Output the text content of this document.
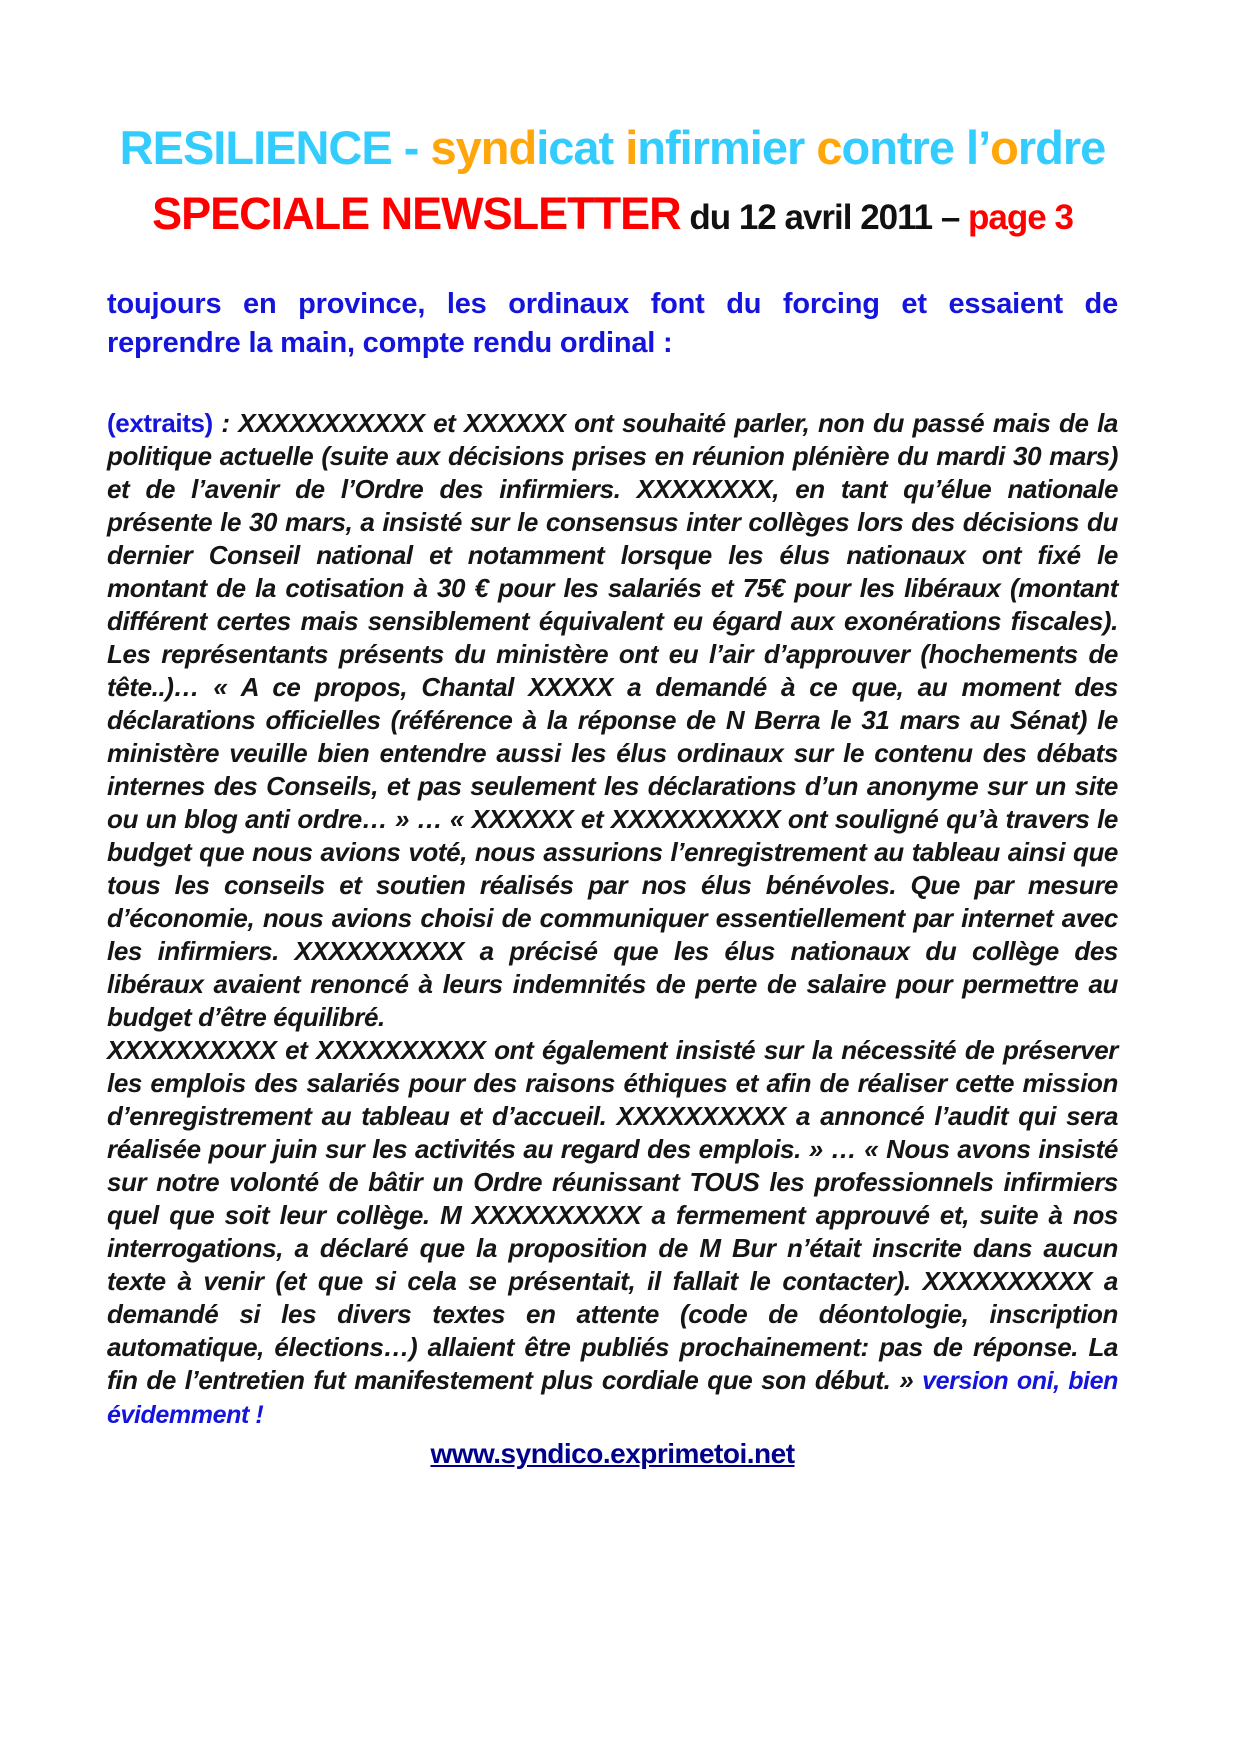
RESILIENCE - syndicat infirmier contre l’ordre
SPECIALE NEWSLETTER du 12 avril 2011 – page 3

toujours en province, les ordinaux font du forcing et essaient de reprendre la main, compte rendu ordinal :

(extraits) : XXXXXXXXXXX et XXXXXX ont souhaité parler, non du passé mais de la politique actuelle (suite aux décisions prises en réunion plénière du mardi 30 mars) et de l’avenir de l’Ordre des infirmiers. XXXXXXXX, en tant qu’élue nationale présente le 30 mars, a insisté sur le consensus inter collèges lors des décisions du dernier Conseil national et notamment lorsque les élus nationaux ont fixé le montant de la cotisation à 30 € pour les salariés et 75€ pour les libéraux (montant différent certes mais sensiblement équivalent eu égard aux exonérations fiscales). Les représentants présents du ministère ont eu l’air d’approuver (hochements de tête..)… « A ce propos, Chantal XXXXX a demandé à ce que, au moment des déclarations officielles (référence à la réponse de N Berra le 31 mars au Sénat) le ministère veuille bien entendre aussi les élus ordinaux sur le contenu des débats internes des Conseils, et pas seulement les déclarations d’un anonyme sur un site ou un blog anti ordre… » … « XXXXXX et XXXXXXXXXX ont souligné qu’à travers le budget que nous avions voté, nous assurions l’enregistrement au tableau ainsi que tous les conseils et soutien réalisés par nos élus bénévoles. Que par mesure d’économie, nous avions choisi de communiquer essentiellement par internet avec les infirmiers. XXXXXXXXXX a précisé que les élus nationaux du collège des libéraux avaient renoncé à leurs indemnités de perte de salaire pour permettre au budget d’être équilibré.

XXXXXXXXXX et XXXXXXXXXX ont également insisté sur la nécessité de préserver les emplois des salariés pour des raisons éthiques et afin de réaliser cette mission d’enregistrement au tableau et d’accueil. XXXXXXXXXX a annoncé l’audit qui sera réalisée pour juin sur les activités au regard des emplois. » … « Nous avons insisté sur notre volonté de bâtir un Ordre réunissant TOUS les professionnels infirmiers quel que soit leur collège. M XXXXXXXXXX a fermement approuvé et, suite à nos interrogations, a déclaré que la proposition de M Bur n’était inscrite dans aucun texte à venir (et que si cela se présentait, il fallait le contacter). XXXXXXXXXX a demandé si les divers textes en attente (code de déontologie, inscription automatique, élections…) allaient être publiés prochainement: pas de réponse. La fin de l’entretien fut manifestement plus cordiale que son début. » version oni, bien évidemment !

www.syndico.exprimetoi.net
